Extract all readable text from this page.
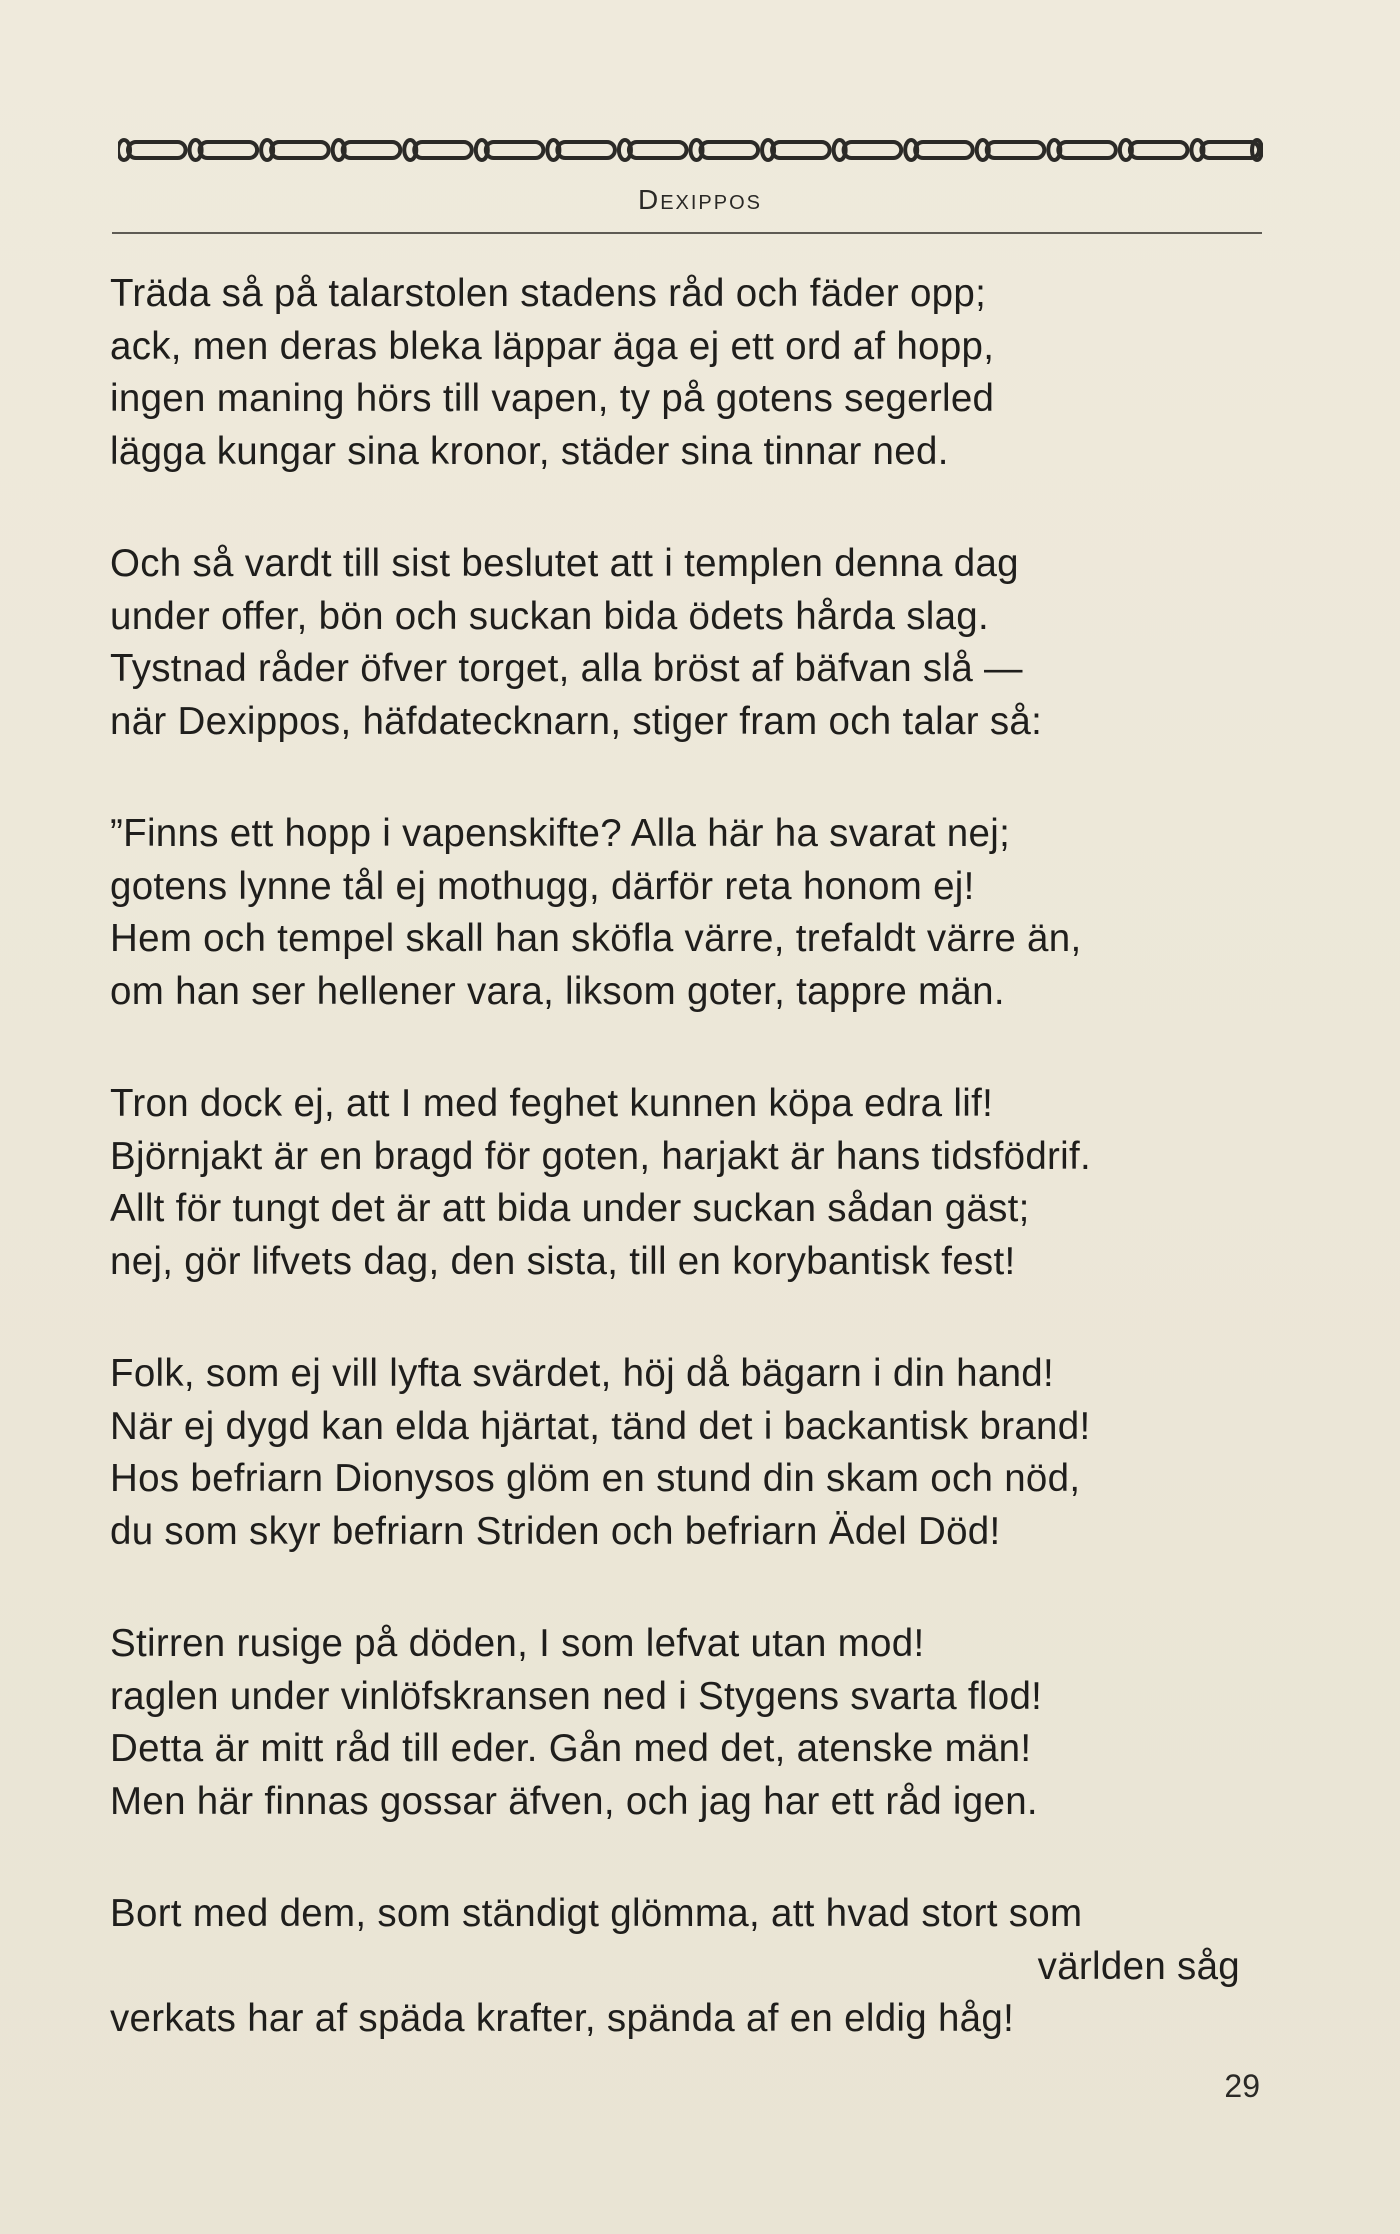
Dexippos
Träda så på talarstolen stadens råd och fäder opp;
ack, men deras bleka läppar äga ej ett ord af hopp,
ingen maning hörs till vapen, ty på gotens segerled
lägga kungar sina kronor, städer sina tinnar ned.
Och så vardt till sist beslutet att i templen denna dag
under offer, bön och suckan bida ödets hårda slag.
Tystnad råder öfver torget, alla bröst af bäfvan slå —
när Dexippos, häfdatecknarn, stiger fram och talar så:
”Finns ett hopp i vapenskifte? Alla här ha svarat nej;
gotens lynne tål ej mothugg, därför reta honom ej!
Hem och tempel skall han sköfla värre, trefaldt värre än,
om han ser hellener vara, liksom goter, tappre män.
Tron dock ej, att I med feghet kunnen köpa edra lif!
Björnjakt är en bragd för goten, harjakt är hans tidsfödrif.
Allt för tungt det är att bida under suckan sådan gäst;
nej, gör lifvets dag, den sista, till en korybantisk fest!
Folk, som ej vill lyfta svärdet, höj då bägarn i din hand!
När ej dygd kan elda hjärtat, tänd det i backantisk brand!
Hos befriarn Dionysos glöm en stund din skam och nöd,
du som skyr befriarn Striden och befriarn Ädel Död!
Stirren rusige på döden, I som lefvat utan mod!
raglen under vinlöfskransen ned i Stygens svarta flod!
Detta är mitt råd till eder. Gån med det, atenske män!
Men här finnas gossar äfven, och jag har ett råd igen.
Bort med dem, som ständigt glömma, att hvad stort som
världen såg
verkats har af späda krafter, spända af en eldig håg!
29
